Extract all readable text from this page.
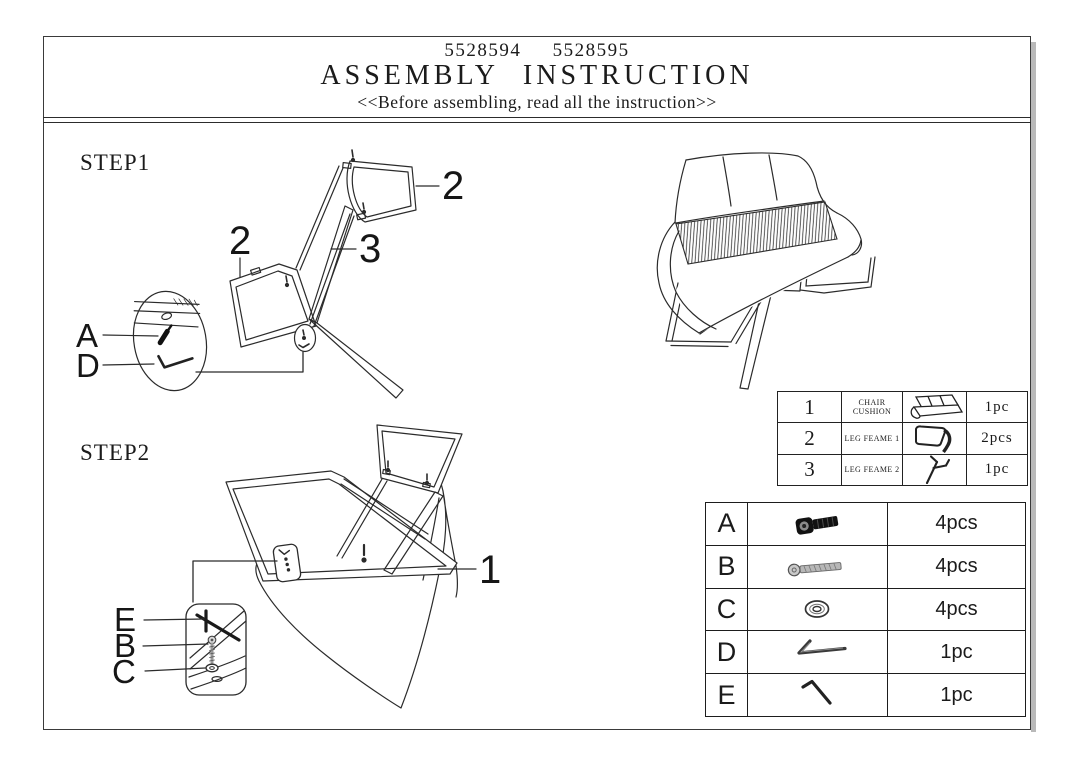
5528594     5528595
ASSEMBLY INSTRUCTION
<<Before assembling, read all the instruction>>
STEP1
STEP2
2
2	3
1
A
D
E
B
C
1	CHAIR CUSHION		1pc
2	LEG FEAME 1		2pcs
3	LEG FEAME 2		1pc
A		4pcs
B		4pcs
C		4pcs
D		1pc
E		1pc
